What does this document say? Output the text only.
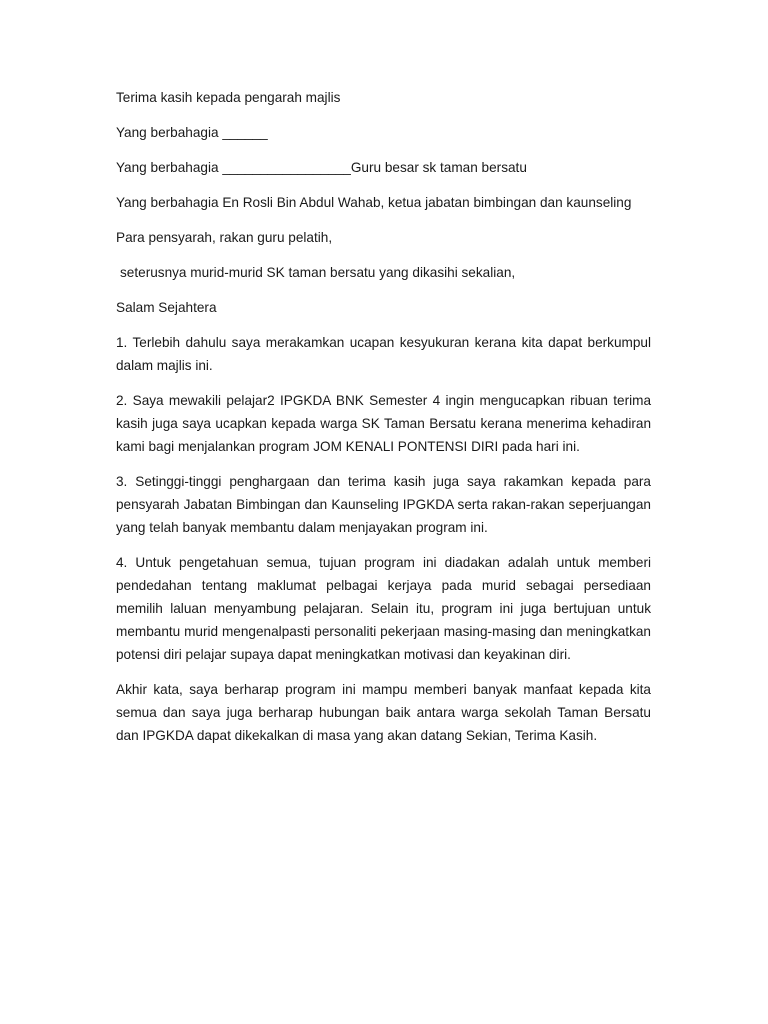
Terima kasih kepada pengarah majlis

Yang berbahagia ______

Yang berbahagia _________________Guru besar sk taman bersatu

Yang berbahagia En Rosli Bin Abdul Wahab, ketua jabatan bimbingan dan kaunseling

Para pensyarah, rakan guru pelatih,

seterusnya murid-murid SK taman bersatu yang dikasihi sekalian,

Salam Sejahtera

1. Terlebih dahulu saya merakamkan ucapan kesyukuran kerana kita dapat berkumpul dalam majlis ini.

2. Saya mewakili pelajar2 IPGKDA BNK Semester 4 ingin mengucapkan ribuan terima kasih juga saya ucapkan kepada warga SK Taman Bersatu kerana menerima kehadiran kami bagi menjalankan program JOM KENALI PONTENSI DIRI pada hari ini.

3. Setinggi-tinggi penghargaan dan terima kasih juga saya rakamkan kepada para pensyarah Jabatan Bimbingan dan Kaunseling IPGKDA serta rakan-rakan seperjuangan yang telah banyak membantu dalam menjayakan program ini.

4. Untuk pengetahuan semua, tujuan program ini diadakan adalah untuk memberi pendedahan tentang maklumat pelbagai kerjaya pada murid sebagai persediaan memilih laluan menyambung pelajaran. Selain itu, program ini juga bertujuan untuk membantu murid mengenalpasti personaliti pekerjaan masing-masing dan meningkatkan potensi diri pelajar supaya dapat meningkatkan motivasi dan keyakinan diri.

Akhir kata, saya berharap program ini mampu memberi banyak manfaat kepada kita semua dan saya juga berharap hubungan baik antara warga sekolah Taman Bersatu dan IPGKDA dapat dikekalkan di masa yang akan datang Sekian, Terima Kasih.
